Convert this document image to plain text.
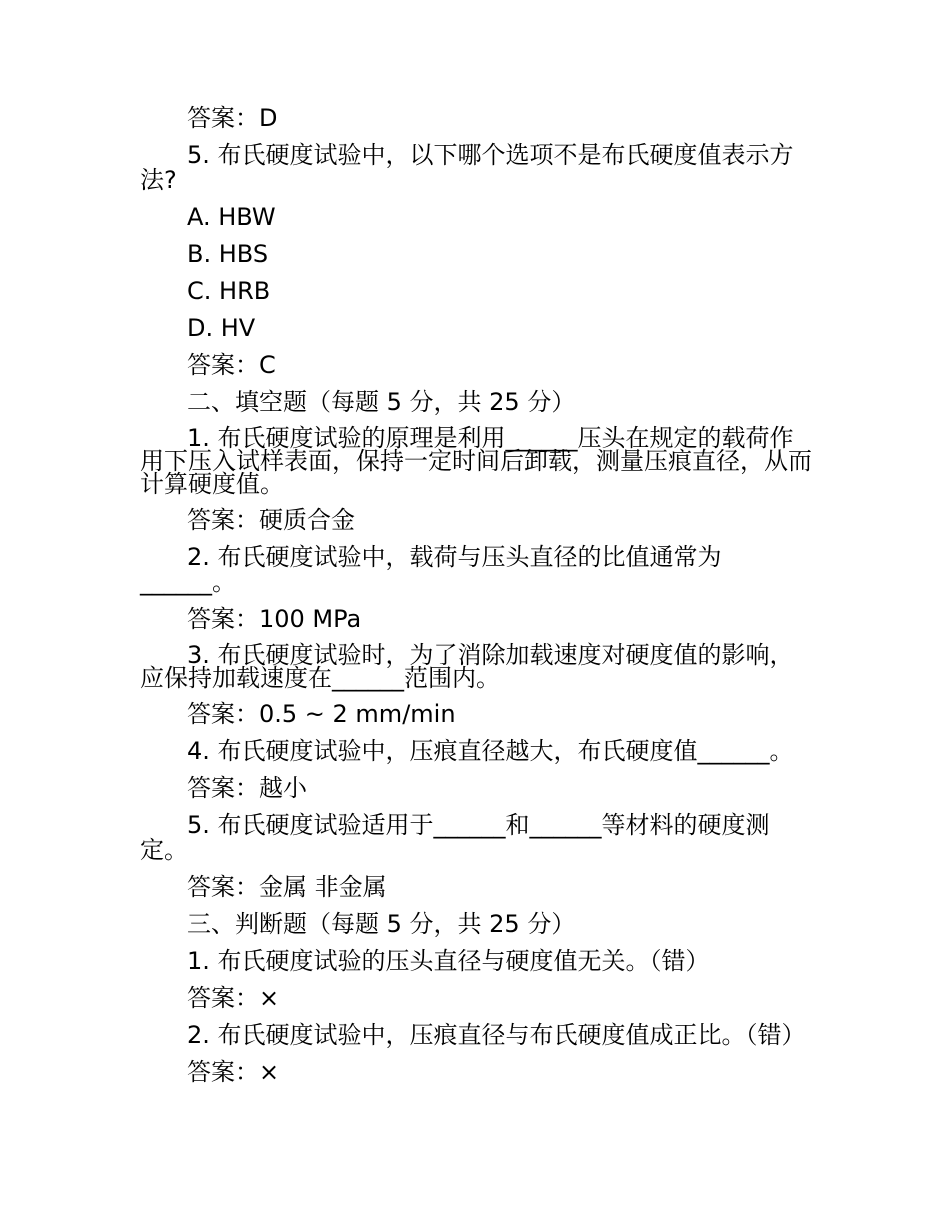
答案：D
5. 布氏硬度试验中，以下哪个选项不是布氏硬度值表示方法?
A. HBW
B. HBS
C. HRB
D. HV
答案：C
二、填空题（每题 5 分，共 25 分）
1. 布氏硬度试验的原理是利用______压头在规定的载荷作用下压入试样表面，保持一定时间后卸载，测量压痕直径，从而计算硬度值。
答案：硬质合金
2. 布氏硬度试验中，载荷与压头直径的比值通常为______。
答案：100 MPa
3. 布氏硬度试验时，为了消除加载速度对硬度值的影响，应保持加载速度在______范围内。
答案：0.5 ~ 2 mm/min
4. 布氏硬度试验中，压痕直径越大，布氏硬度值______。
答案：越小
5. 布氏硬度试验适用于______和______等材料的硬度测定。
答案：金属 非金属
三、判断题（每题 5 分，共 25 分）
1. 布氏硬度试验的压头直径与硬度值无关。（错）
答案：×
2. 布氏硬度试验中，压痕直径与布氏硬度值成正比。（错）
答案：×
